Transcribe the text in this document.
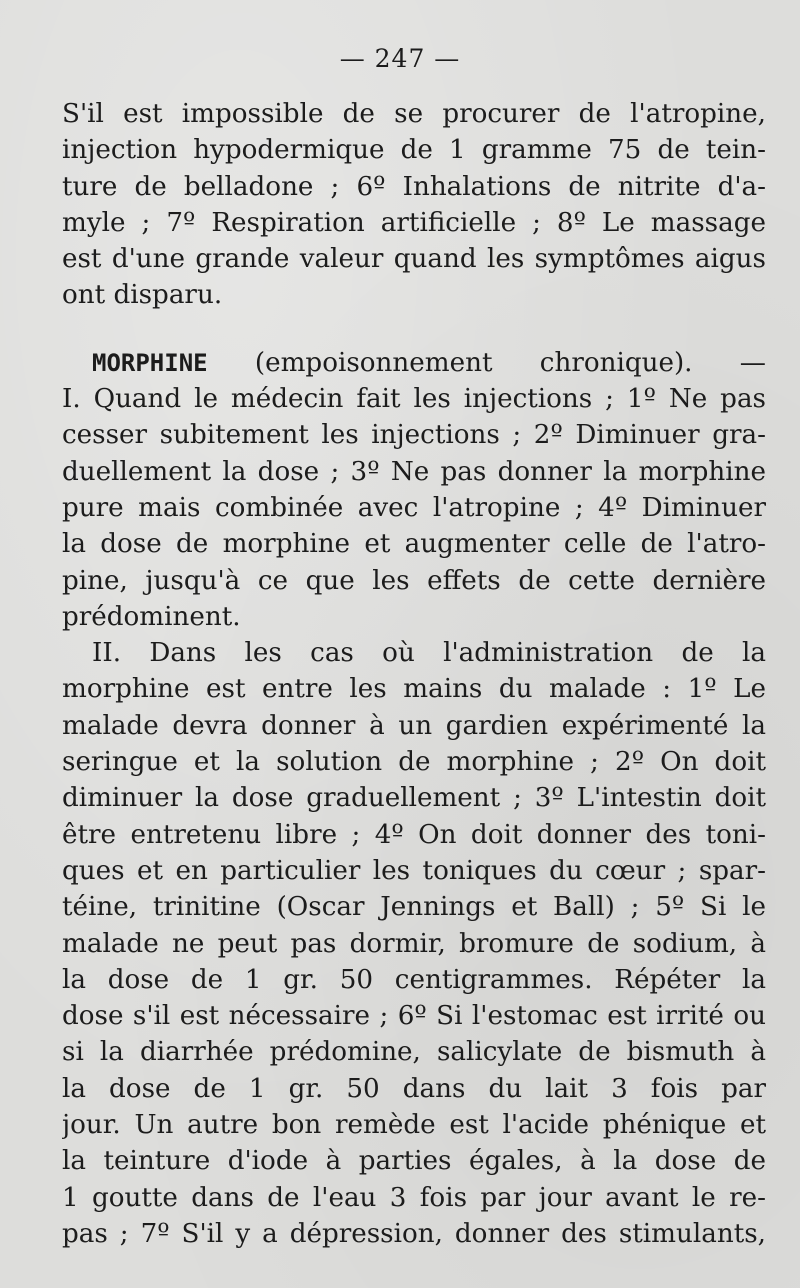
— 247 —
S'il est impossible de se procurer de l'atropine,
injection hypodermique de 1 gramme 75 de tein-
ture de belladone ; 6º Inhalations de nitrite d'a-
myle ; 7º Respiration artificielle ; 8º Le massage
est d'une grande valeur quand les symptômes aigus
ont disparu.
MORPHINE (empoisonnement chronique). —
I. Quand le médecin fait les injections ; 1º Ne pas
cesser subitement les injections ; 2º Diminuer gra-
duellement la dose ; 3º Ne pas donner la morphine
pure mais combinée avec l'atropine ; 4º Diminuer
la dose de morphine et augmenter celle de l'atro-
pine, jusqu'à ce que les effets de cette dernière
prédominent.
II. Dans les cas où l'administration de la
morphine est entre les mains du malade : 1º Le
malade devra donner à un gardien expérimenté la
seringue et la solution de morphine ; 2º On doit
diminuer la dose graduellement ; 3º L'intestin doit
être entretenu libre ; 4º On doit donner des toni-
ques et en particulier les toniques du cœur ; spar-
téine, trinitine (Oscar Jennings et Ball) ; 5º Si le
malade ne peut pas dormir, bromure de sodium, à
la dose de 1 gr. 50 centigrammes. Répéter la
dose s'il est nécessaire ; 6º Si l'estomac est irrité ou
si la diarrhée prédomine, salicylate de bismuth à
la dose de 1 gr. 50 dans du lait 3 fois par
jour. Un autre bon remède est l'acide phénique et
la teinture d'iode à parties égales, à la dose de
1 goutte dans de l'eau 3 fois par jour avant le re-
pas ; 7º S'il y a dépression, donner des stimulants,
